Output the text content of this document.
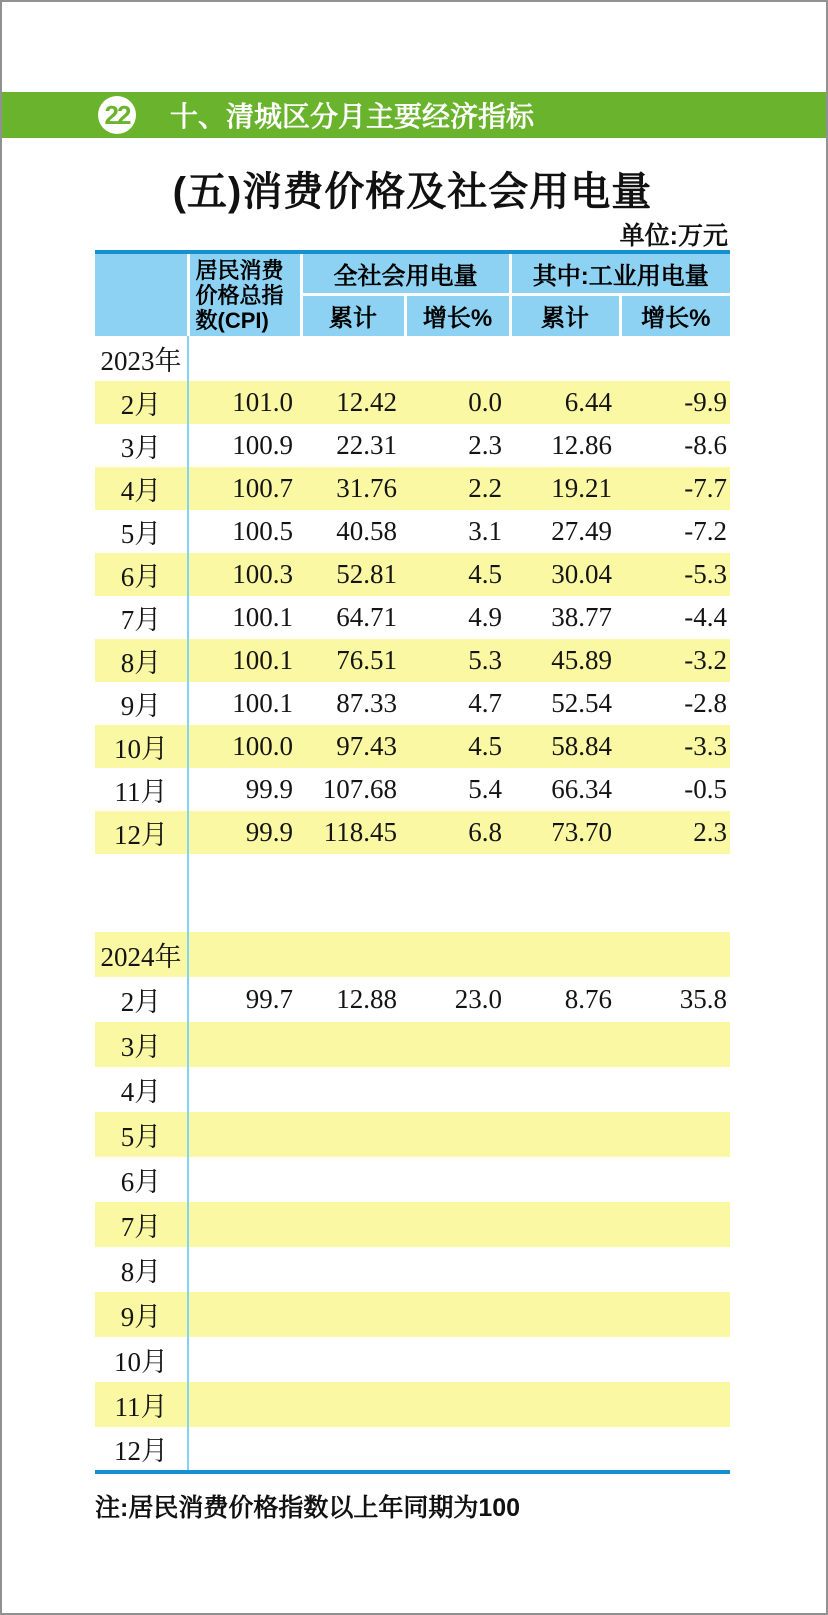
22 十、清城区分月主要经济指标
(五)消费价格及社会用电量
单位:万元

	居民消费
价格总指
数(CPI)	全社会用电量		其中:工业用电量	
		累计	增长%	累计	增长%
2023年					
2月	101.0	12.42	0.0	6.44	-9.9
3月	100.9	22.31	2.3	12.86	-8.6
4月	100.7	31.76	2.2	19.21	-7.7
5月	100.5	40.58	3.1	27.49	-7.2
6月	100.3	52.81	4.5	30.04	-5.3
7月	100.1	64.71	4.9	38.77	-4.4
8月	100.1	76.51	5.3	45.89	-3.2
9月	100.1	87.33	4.7	52.54	-2.8
10月	100.0	97.43	4.5	58.84	-3.3
11月	99.9	107.68	5.4	66.34	-0.5
12月	99.9	118.45	6.8	73.70	2.3

2024年					
2月	99.7	12.88	23.0	8.76	35.8
3月					
4月					
5月					
6月					
7月					
8月					
9月					
10月					
11月					
12月					
注:居民消费价格指数以上年同期为100
